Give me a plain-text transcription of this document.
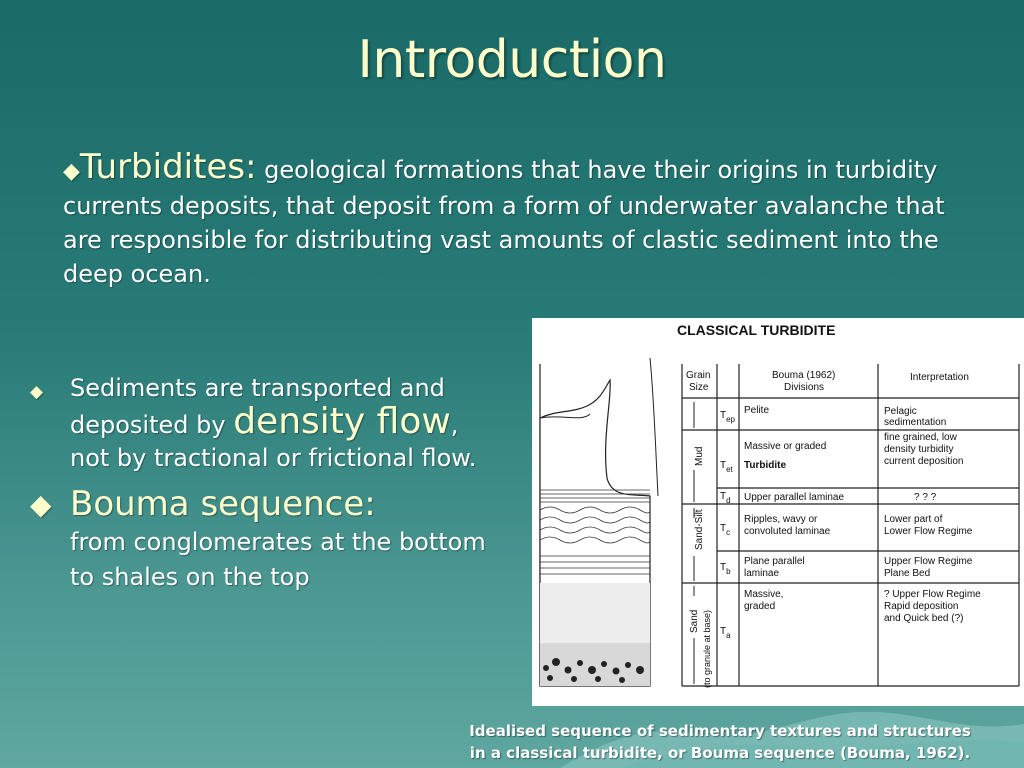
Introduction
◆Turbidites: geological formations that have their origins in turbidity currents deposits, that deposit from a form of underwater avalanche that are responsible for distributing vast amounts of clastic sediment into the deep ocean.
◆ Sediments are transported and deposited by density flow, not by tractional or frictional flow.
◆ Bouma sequence:
from conglomerates at the bottom to shales on the top
CLASSICAL TURBIDITE
Grain
Size
Bouma (1962)
Divisions
Interpretation
Mud
Sand-Silt
Sand (to granule at base)
$T_{ep}$
Pelite	Pelagic
sedimentation
$T_{et}$
Massive or graded
Turbidite
fine grained, low
density turbidity
current deposition
$T_d$ Upper parallel laminae	? ? ?
$T_c$
Ripples, wavy or
convoluted laminae
Lower part of
Lower Flow Regime
$T_b$
Plane parallel
laminae
Upper Flow Regime
Plane Bed
$T_a$
Massive,
graded
? Upper Flow Regime
Rapid deposition
and Quick bed (?)
Idealised sequence of sedimentary textures and structures
in a classical turbidite, or Bouma sequence (Bouma, 1962).
